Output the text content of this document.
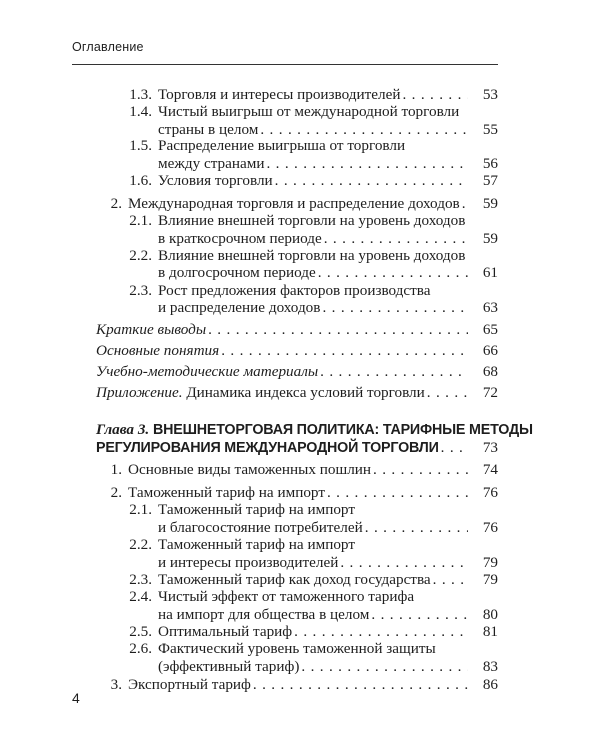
Оглавление
1.3. Торговля и интересы производителей . . .	53
1.4. Чистый выигрыш от международной торговли
страны в целом . . .	55
1.5. Распределение выигрыша от торговли
между странами . . .	56
1.6. Условия торговли . . .	57
2. Международная торговля и распределение доходов . . .	59
2.1. Влияние внешней торговли на уровень доходов
в краткосрочном периоде . . .	59
2.2. Влияние внешней торговли на уровень доходов
в долгосрочном периоде . . .	61
2.3. Рост предложения факторов производства
и распределение доходов . . .	63
Краткие выводы . . .	65
Основные понятия . . .	66
Учебно-методические материалы . . .	68
Приложение.
Динамика индекса условий торговли . . .	72
Глава 3. ВНЕШНЕТОРГОВАЯ ПОЛИТИКА: ТАРИФНЫЕ МЕТОДЫ
РЕГУЛИРОВАНИЯ МЕЖДУНАРОДНОЙ ТОРГОВЛИ . . .	73
1. Основные виды таможенных пошлин . . .	74
2. Таможенный тариф на импорт . . .	76
2.1. Таможенный тариф на импорт
и благосостояние потребителей . . .	76
2.2. Таможенный тариф на импорт
и интересы производителей . . .	79
2.3. Таможенный тариф как доход государства . . .	79
2.4. Чистый эффект от таможенного тарифа
на импорт для общества в целом . . .	80
2.5. Оптимальный тариф . . .	81
2.6. Фактический уровень таможенной защиты
(эффективный тариф) . . .	83
3. Экспортный тариф . . .	86
4
